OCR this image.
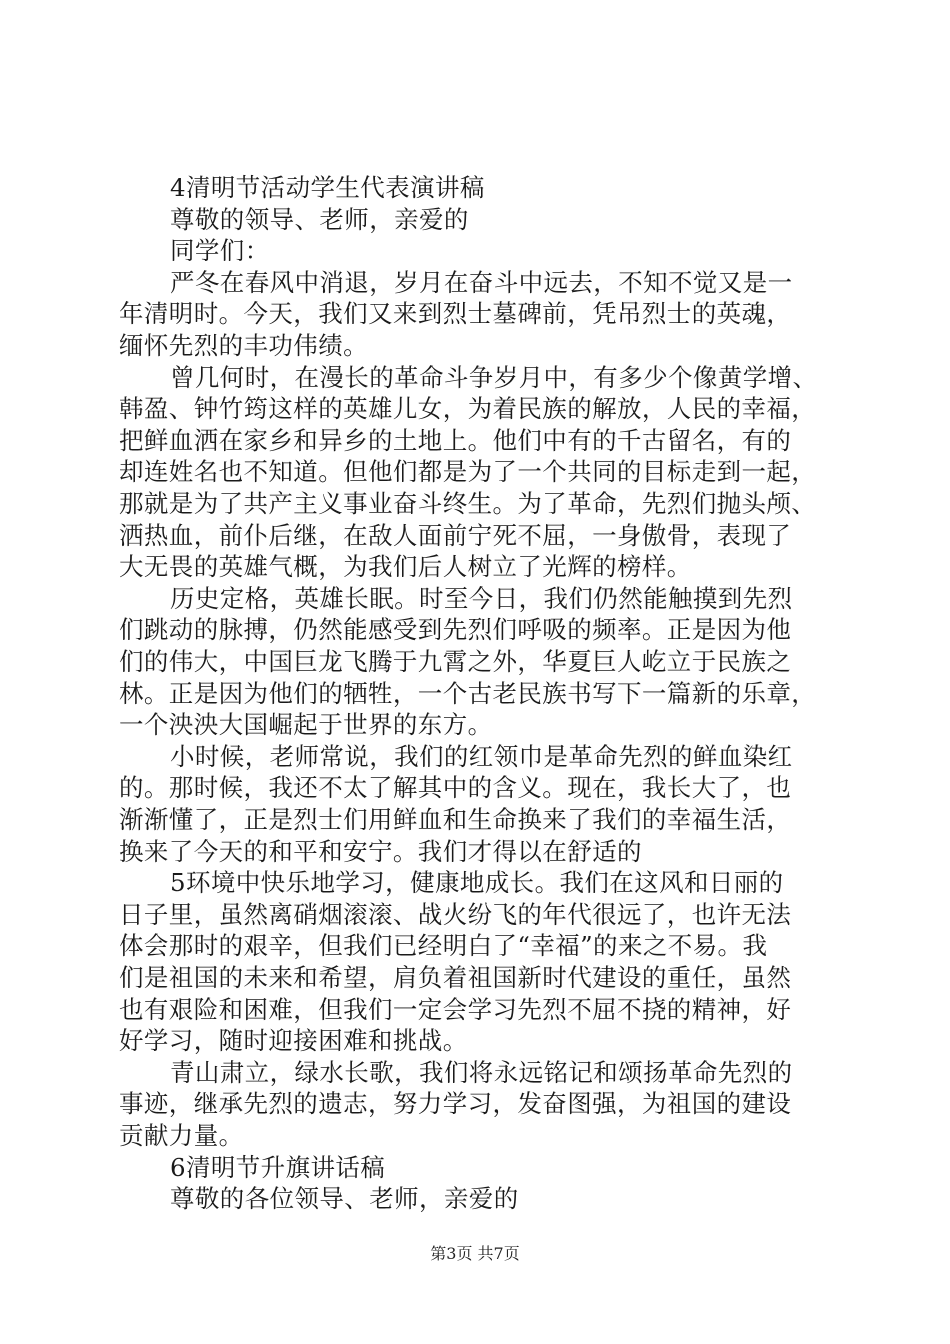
4清明节活动学生代表演讲稿
尊敬的领导、老师，亲爱的
同学们：
严冬在春风中消退，岁月在奋斗中远去，不知不觉又是一
年清明时。今天，我们又来到烈士墓碑前，凭吊烈士的英魂，
缅怀先烈的丰功伟绩。
曾几何时，在漫长的革命斗争岁月中，有多少个像黄学增、
韩盈、钟竹筠这样的英雄儿女，为着民族的解放，人民的幸福，
把鲜血洒在家乡和异乡的土地上。他们中有的千古留名，有的
却连姓名也不知道。但他们都是为了一个共同的目标走到一起，
那就是为了共产主义事业奋斗终生。为了革命，先烈们抛头颅、
洒热血，前仆后继，在敌人面前宁死不屈，一身傲骨，表现了
大无畏的英雄气概，为我们后人树立了光辉的榜样。
历史定格，英雄长眠。时至今日，我们仍然能触摸到先烈
们跳动的脉搏，仍然能感受到先烈们呼吸的频率。正是因为他
们的伟大，中国巨龙飞腾于九霄之外，华夏巨人屹立于民族之
林。正是因为他们的牺牲，一个古老民族书写下一篇新的乐章，
一个泱泱大国崛起于世界的东方。
小时候，老师常说，我们的红领巾是革命先烈的鲜血染红
的。那时候，我还不太了解其中的含义。现在，我长大了，也
渐渐懂了，正是烈士们用鲜血和生命换来了我们的幸福生活，
换来了今天的和平和安宁。我们才得以在舒适的
5环境中快乐地学习，健康地成长。我们在这风和日丽的
日子里，虽然离硝烟滚滚、战火纷飞的年代很远了，也许无法
体会那时的艰辛，但我们已经明白了“幸福”的来之不易。我
们是祖国的未来和希望，肩负着祖国新时代建设的重任，虽然
也有艰险和困难，但我们一定会学习先烈不屈不挠的精神，好
好学习，随时迎接困难和挑战。
青山肃立，绿水长歌，我们将永远铭记和颂扬革命先烈的
事迹，继承先烈的遗志，努力学习，发奋图强，为祖国的建设
贡献力量。
6清明节升旗讲话稿
尊敬的各位领导、老师，亲爱的
第3页 共7页
